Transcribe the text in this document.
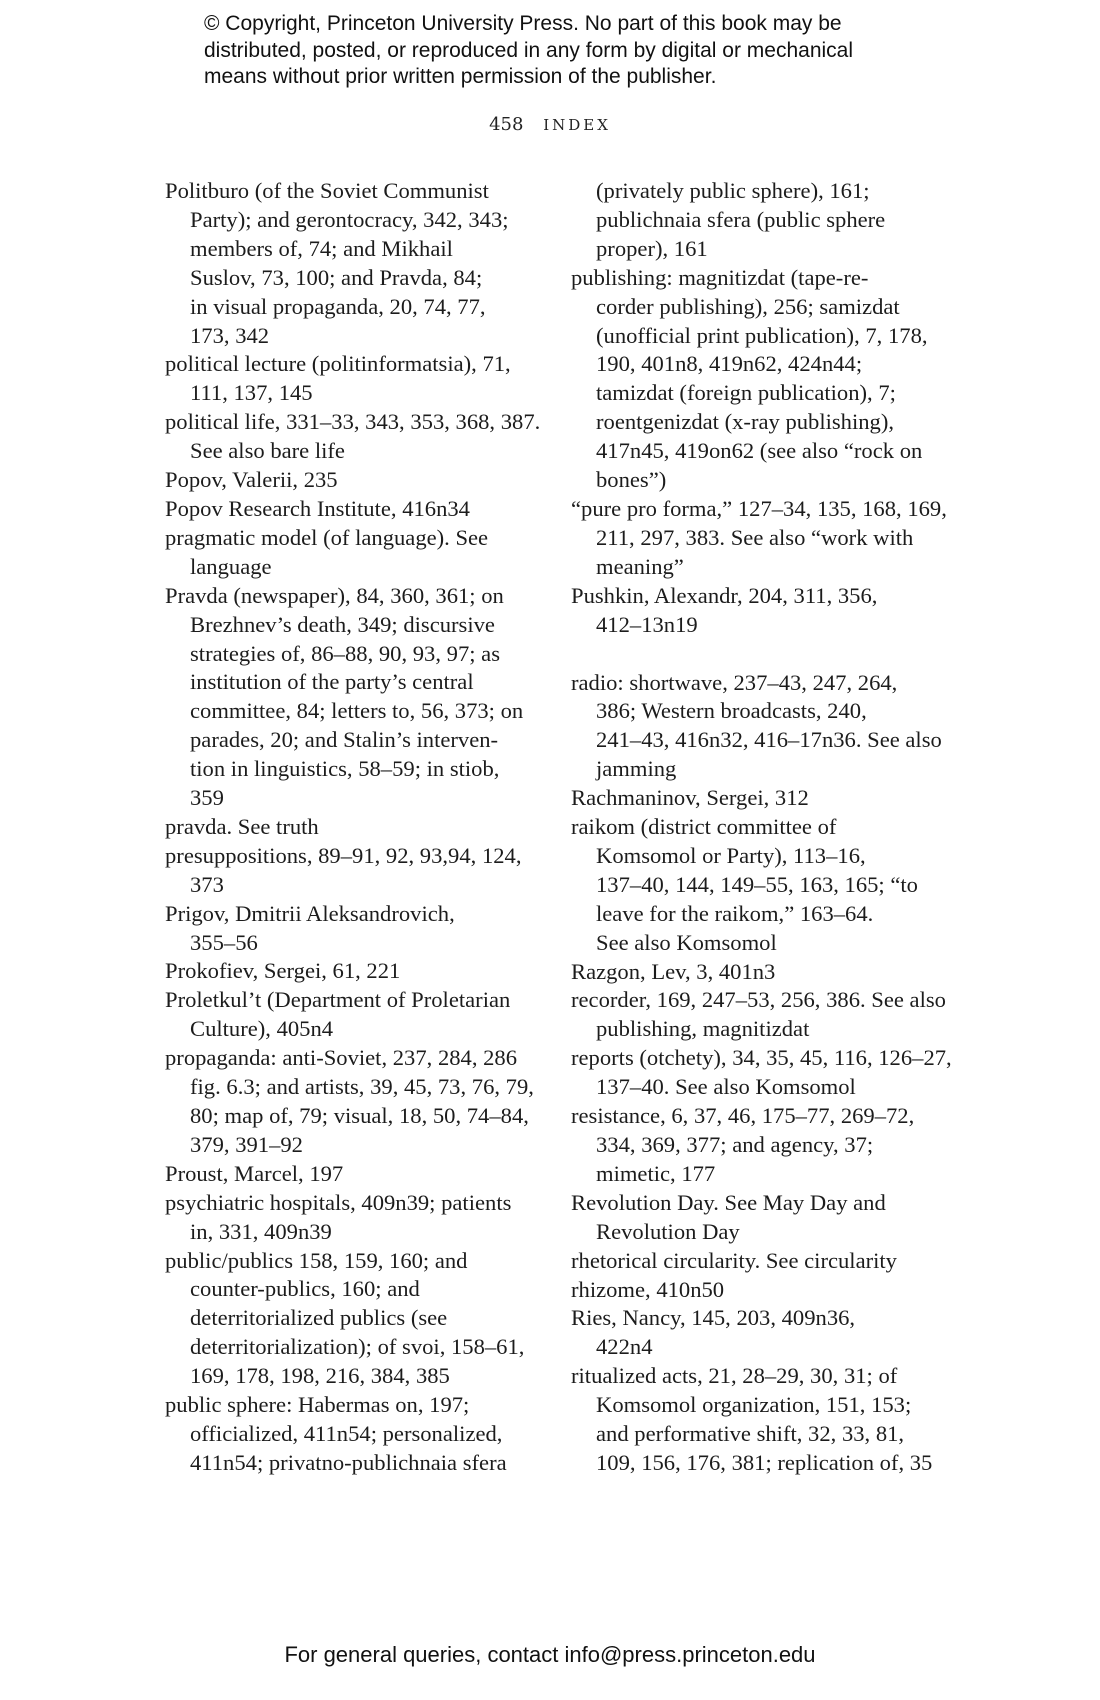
© Copyright, Princeton University Press. No part of this book may be
distributed, posted, or reproduced in any form by digital or mechanical
means without prior written permission of the publisher.
458 INDEX
Politburo (of the Soviet Communist
Party); and gerontocracy, 342, 343;
members of, 74; and Mikhail
Suslov, 73, 100; and Pravda, 84;
in visual propaganda, 20, 74, 77,
173, 342
political lecture (politinformatsia), 71,
111, 137, 145
political life, 331–33, 343, 353, 368, 387.
See also bare life
Popov, Valerii, 235
Popov Research Institute, 416n34
pragmatic model (of language). See
language
Pravda (newspaper), 84, 360, 361; on
Brezhnev’s death, 349; discursive
strategies of, 86–88, 90, 93, 97; as
institution of the party’s central
committee, 84; letters to, 56, 373; on
parades, 20; and Stalin’s interven-
tion in linguistics, 58–59; in stiob,
359
pravda. See truth
presuppositions, 89–91, 92, 93,94, 124,
373
Prigov, Dmitrii Aleksandrovich,
355–56
Prokofiev, Sergei, 61, 221
Proletkul’t (Department of Proletarian
Culture), 405n4
propaganda: anti-Soviet, 237, 284, 286
fig. 6.3; and artists, 39, 45, 73, 76, 79,
80; map of, 79; visual, 18, 50, 74–84,
379, 391–92
Proust, Marcel, 197
psychiatric hospitals, 409n39; patients
in, 331, 409n39
public/publics 158, 159, 160; and
counter-publics, 160; and
deterritorialized publics (see
deterritorialization); of svoi, 158–61,
169, 178, 198, 216, 384, 385
public sphere: Habermas on, 197;
officialized, 411n54; personalized,
411n54; privatno-publichnaia sfera
(privately public sphere), 161;
publichnaia sfera (public sphere
proper), 161
publishing: magnitizdat (tape-re-
corder publishing), 256; samizdat
(unofficial print publication), 7, 178,
190, 401n8, 419n62, 424n44;
tamizdat (foreign publication), 7;
roentgenizdat (x-ray publishing),
417n45, 419on62 (see also “rock on
bones”)
“pure pro forma,” 127–34, 135, 168, 169,
211, 297, 383. See also “work with
meaning”
Pushkin, Alexandr, 204, 311, 356,
412–13n19
radio: shortwave, 237–43, 247, 264,
386; Western broadcasts, 240,
241–43, 416n32, 416–17n36. See also
jamming
Rachmaninov, Sergei, 312
raikom (district committee of
Komsomol or Party), 113–16,
137–40, 144, 149–55, 163, 165; “to
leave for the raikom,” 163–64.
See also Komsomol
Razgon, Lev, 3, 401n3
recorder, 169, 247–53, 256, 386. See also
publishing, magnitizdat
reports (otchety), 34, 35, 45, 116, 126–27,
137–40. See also Komsomol
resistance, 6, 37, 46, 175–77, 269–72,
334, 369, 377; and agency, 37;
mimetic, 177
Revolution Day. See May Day and
Revolution Day
rhetorical circularity. See circularity
rhizome, 410n50
Ries, Nancy, 145, 203, 409n36,
422n4
ritualized acts, 21, 28–29, 30, 31; of
Komsomol organization, 151, 153;
and performative shift, 32, 33, 81,
109, 156, 176, 381; replication of, 35
For general queries, contact info@press.princeton.edu
